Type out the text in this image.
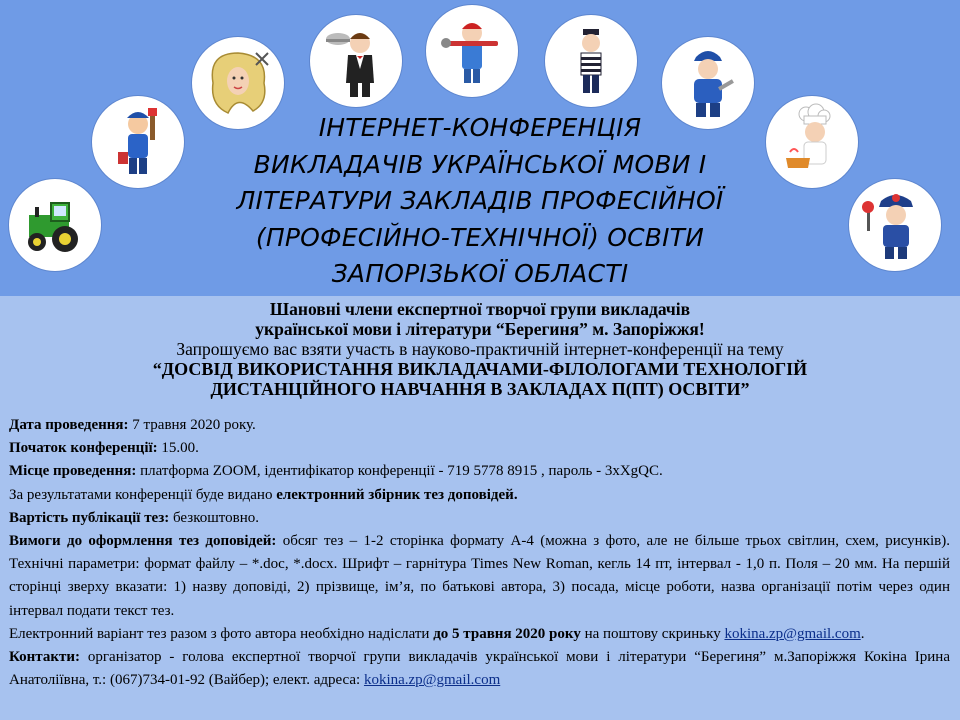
ІНТЕРНЕТ-КОНФЕРЕНЦІЯ
ВИКЛАДАЧІВ УКРАЇНСЬКОЇ МОВИ І
ЛІТЕРАТУРИ ЗАКЛАДІВ ПРОФЕСІЙНОЇ
(ПРОФЕСІЙНО-ТЕХНІЧНОЇ) ОСВІТИ
ЗАПОРІЗЬКОЇ ОБЛАСТІ
Шановні члени експертної творчої групи викладачів
української мови і літератури “Берегиня” м. Запоріжжя!
Запрошуємо вас взяти участь в науково-практичній інтернет-конференції на тему
“ДОСВІД ВИКОРИСТАННЯ ВИКЛАДАЧАМИ-ФІЛОЛОГАМИ ТЕХНОЛОГІЙ
ДИСТАНЦІЙНОГО НАВЧАННЯ В ЗАКЛАДАХ П(ПТ) ОСВІТИ”

Дата проведення: 7 травня 2020 року.

Початок конференції: 15.00.

Місце проведення: платформа ZOOM, ідентифікатор конференції - 719 5778 8915 , пароль - 3xXgQC.

За результатами конференції буде видано електронний збірник тез доповідей.

Вартість публікації тез: безкоштовно.

Вимоги до оформлення тез доповідей: обсяг тез – 1-2 сторінка формату А-4 (можна з фото, але не більше трьох світлин, схем, рисунків). Технічні параметри: формат файлу – *.doc, *.docx. Шрифт – гарнітура Times New Roman, кегль 14 пт, інтервал - 1,0 п. Поля – 20 мм. На першій сторінці зверху вказати: 1) назву доповіді, 2) прізвище, ім’я, по батькові автора, 3) посада, місце роботи, назва організації потім через один інтервал подати текст тез.

Електронний варіант тез разом з фото автора необхідно надіслати до 5 травня 2020 року на поштову скриньку kokina.zp@gmail.com.

Контакти: організатор - голова експертної творчої групи викладачів української мови і літератури “Берегиня” м.Запоріжжя Кокіна Ірина Анатоліївна, т.: (067)734-01-92 (Вайбер); елект. адреса: kokina.zp@gmail.com
